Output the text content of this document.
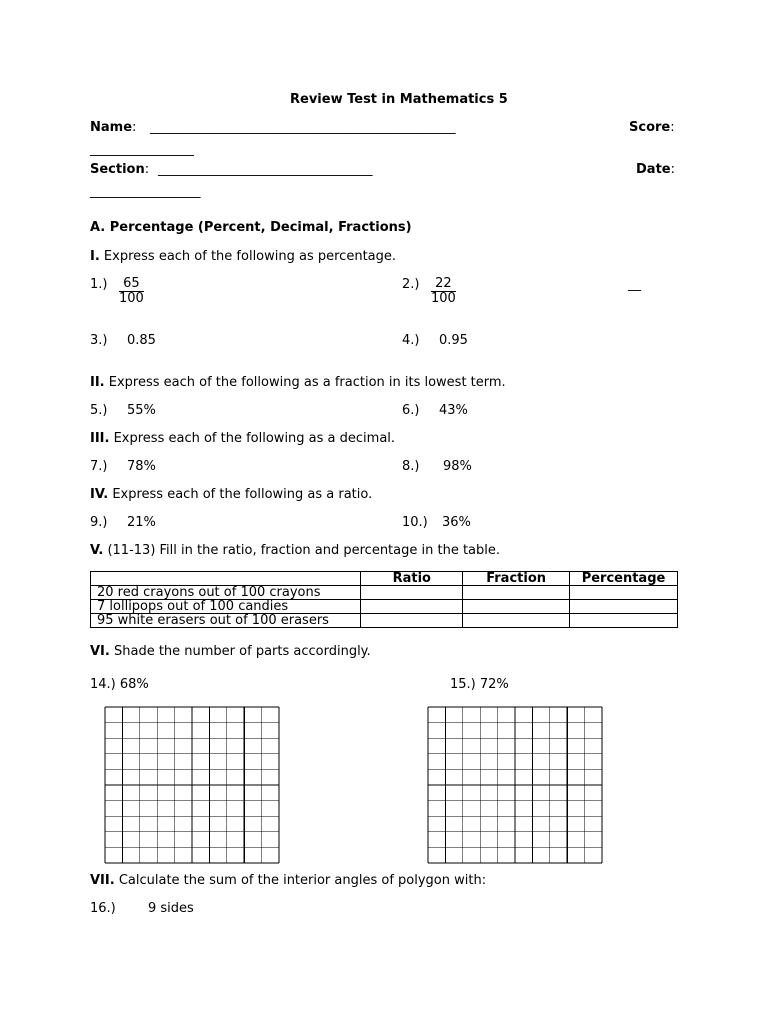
Review Test in Mathematics 5
Name: _______________________________________________	Score:
________________
Section: _________________________________	Date:
_________________
A. Percentage (Percent, Decimal, Fractions)
I. Express each of the following as percentage.
$1.) \frac{65}{100}$	$2.) \frac{22}{100}$	__
3.) 0.85	4.) 0.95
II. Express each of the following as a fraction in its lowest term.
5.) 55%	6.) 43%
III. Express each of the following as a decimal.
7.) 78%	8.) 98%
IV. Express each of the following as a ratio.
9.) 21%	10.) 36%
V. (11-13) Fill in the ratio, fraction and percentage in the table.
	Ratio	Fraction	Percentage
20 red crayons out of 100 crayons			
7 lollipops out of 100 candies			
95 white erasers out of 100 erasers			
VI. Shade the number of parts accordingly.
14.) 68%	15.) 72%
VII. Calculate the sum of the interior angles of polygon with:
16.) 9 sides
